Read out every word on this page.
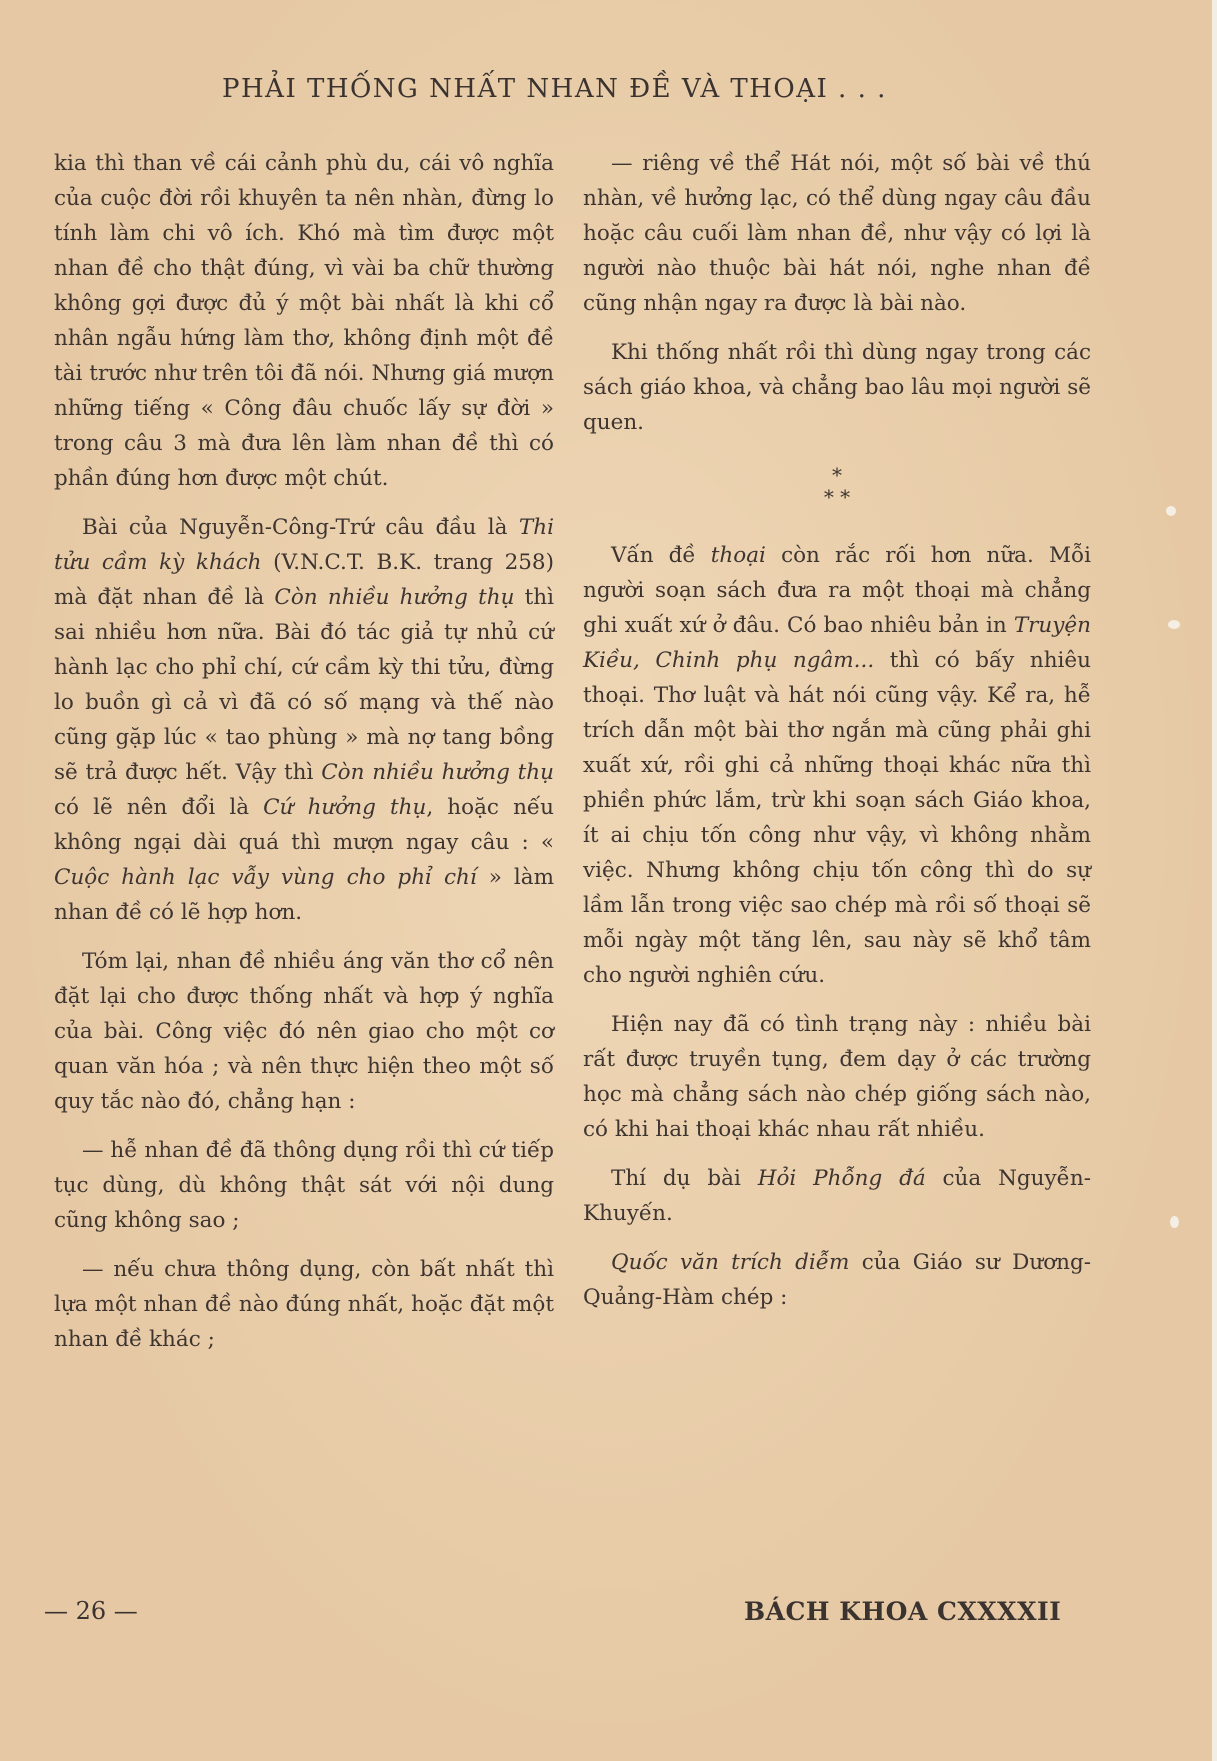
PHẢI THỐNG NHẤT NHAN ĐỀ VÀ THOẠI . . .

kia thì than về cái cảnh phù du, cái vô nghĩa của cuộc đời rồi khuyên ta nên nhàn, đừng lo tính làm chi vô ích. Khó mà tìm được một nhan đề cho thật đúng, vì vài ba chữ thường không gợi được đủ ý một bài nhất là khi cổ nhân ngẫu hứng làm thơ, không định một đề tài trước như trên tôi đã nói. Nhưng giá mượn những tiếng « Công đâu chuốc lấy sự đời » trong câu 3 mà đưa lên làm nhan đề thì có phần đúng hơn được một chút.

Bài của Nguyễn-Công-Trứ câu đầu là Thi tửu cầm kỳ khách (V.N.C.T. B.K. trang 258) mà đặt nhan đề là Còn nhiều hưởng thụ thì sai nhiều hơn nữa. Bài đó tác giả tự nhủ cứ hành lạc cho phỉ chí, cứ cầm kỳ thi tửu, đừng lo buồn gì cả vì đã có số mạng và thế nào cũng gặp lúc « tao phùng » mà nợ tang bồng sẽ trả được hết. Vậy thì Còn nhiều hưởng thụ có lẽ nên đổi là Cứ hưởng thụ, hoặc nếu không ngại dài quá thì mượn ngay câu : « Cuộc hành lạc vẫy vùng cho phỉ chí » làm nhan đề có lẽ hợp hơn.

Tóm lại, nhan đề nhiều áng văn thơ cổ nên đặt lại cho được thống nhất và hợp ý nghĩa của bài. Công việc đó nên giao cho một cơ quan văn hóa ; và nên thực hiện theo một số quy tắc nào đó, chẳng hạn :

— hễ nhan đề đã thông dụng rồi thì cứ tiếp tục dùng, dù không thật sát với nội dung cũng không sao ;

— nếu chưa thông dụng, còn bất nhất thì lựa một nhan đề nào đúng nhất, hoặc đặt một nhan đề khác ;

— riêng về thể Hát nói, một số bài về thú nhàn, về hưởng lạc, có thể dùng ngay câu đầu hoặc câu cuối làm nhan đề, như vậy có lợi là người nào thuộc bài hát nói, nghe nhan đề cũng nhận ngay ra được là bài nào.

Khi thống nhất rồi thì dùng ngay trong các sách giáo khoa, và chẳng bao lâu mọi người sẽ quen.

*
* *

Vấn đề thoại còn rắc rối hơn nữa. Mỗi người soạn sách đưa ra một thoại mà chẳng ghi xuất xứ ở đâu. Có bao nhiêu bản in Truyện Kiều, Chinh phụ ngâm... thì có bấy nhiêu thoại. Thơ luật và hát nói cũng vậy. Kể ra, hễ trích dẫn một bài thơ ngắn mà cũng phải ghi xuất xứ, rồi ghi cả những thoại khác nữa thì phiền phức lắm, trừ khi soạn sách Giáo khoa, ít ai chịu tốn công như vậy, vì không nhằm việc. Nhưng không chịu tốn công thì do sự lầm lẫn trong việc sao chép mà rồi số thoại sẽ mỗi ngày một tăng lên, sau này sẽ khổ tâm cho người nghiên cứu.

Hiện nay đã có tình trạng này : nhiều bài rất được truyền tụng, đem dạy ở các trường học mà chẳng sách nào chép giống sách nào, có khi hai thoại khác nhau rất nhiều.

Thí dụ bài Hỏi Phỗng đá của Nguyễn-Khuyến.

Quốc văn trích diễm của Giáo sư Dương-Quảng-Hàm chép :

— 26 —	BÁCH KHOA CXXXXII
